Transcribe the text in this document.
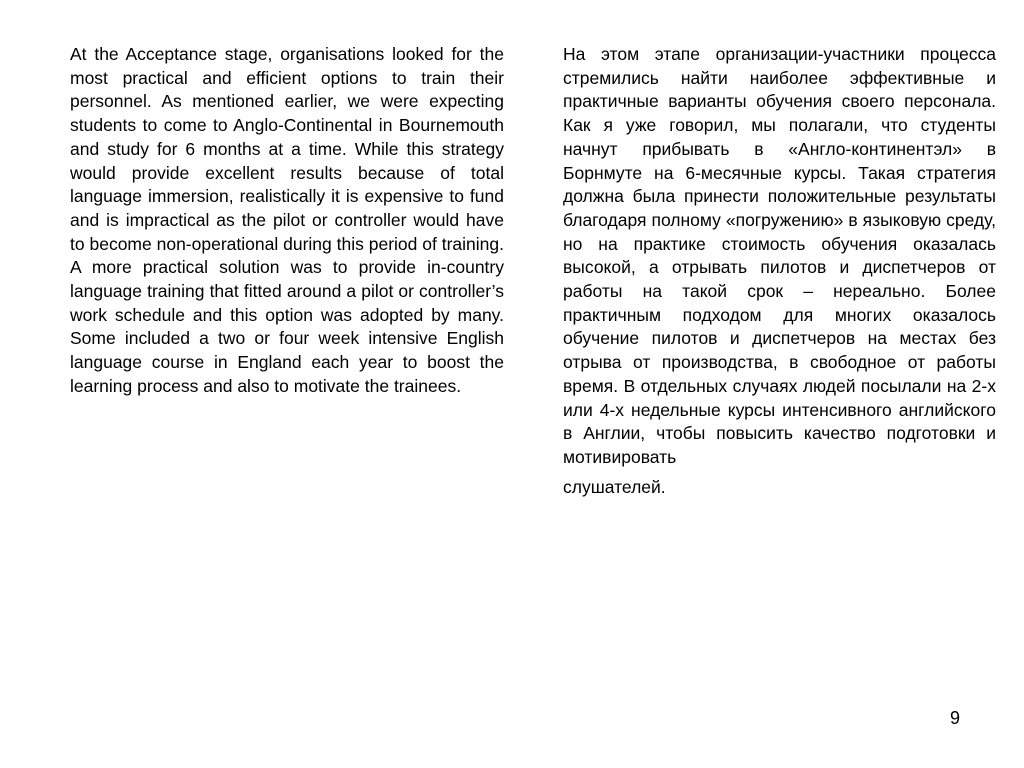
At the Acceptance stage, organisations looked for the most practical and efficient options to train their personnel. As mentioned earlier, we were expecting students to come to Anglo-Continental in Bournemouth and study for 6 months at a time. While this strategy would provide excellent results because of total language immersion, realistically it is expensive to fund and is impractical as the pilot or controller would have to become non-operational during this period of training. A more practical solution was to provide in-country language training that fitted around a pilot or controller’s work schedule and this option was adopted by many. Some included a two or four week intensive English language course in England each year to boost the learning process and also to motivate the trainees.

На этом этапе организации-участники процесса стремились найти наиболее эффективные и практичные варианты обучения своего персонала. Как я уже говорил, мы полагали, что студенты начнут прибывать в «Англо-континентэл» в Борнмуте на 6-месячные курсы. Такая стратегия должна была принести положительные результаты благодаря полному «погружению» в языковую среду, но на практике стоимость обучения оказалась высокой, а отрывать пилотов и диспетчеров от работы на такой срок – нереально. Более практичным подходом для многих оказалось обучение пилотов и диспетчеров на местах без отрыва от производства, в свободное от работы время. В отдельных случаях людей посылали на 2-х или 4-х недельные курсы интенсивного английского в Англии, чтобы повысить качество подготовки и мотивировать
слушателей.

9
